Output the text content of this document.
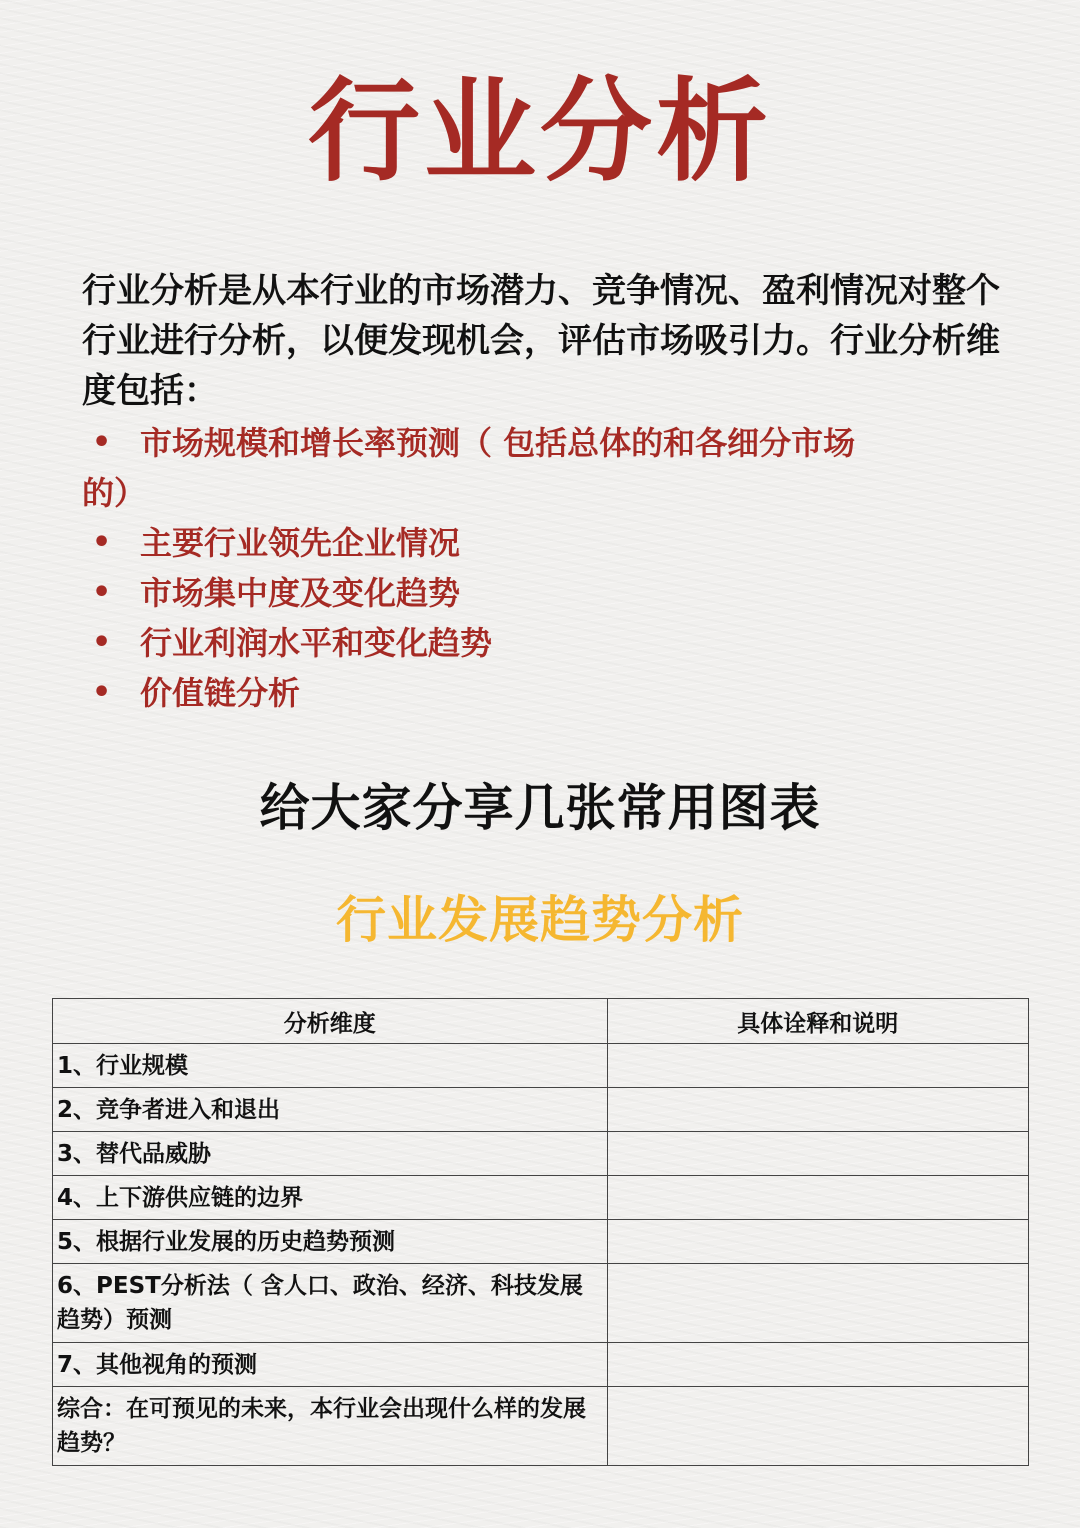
行业分析

行业分析是从本行业的市场潜力、竞争情况、盈利情况对整个行业进行分析，以便发现机会，评估市场吸引力。行业分析维度包括：

• 市场规模和增长率预测（ 包括总体的和各细分市场
的）
• 主要行业领先企业情况
• 市场集中度及变化趋势
• 行业利润水平和变化趋势
• 价值链分析
给大家分享几张常用图表
行业发展趋势分析
分析维度	具体诠释和说明
1、行业规模	
2、竞争者进入和退出	
3、替代品威胁	
4、上下游供应链的边界	
5、根据行业发展的历史趋势预测	
6、PEST分析法（ 含人口、政治、经济、科技发展趋势）预测	
7、其他视角的预测	
综合：在可预见的未来，本行业会出现什么样的发展趋势？	
